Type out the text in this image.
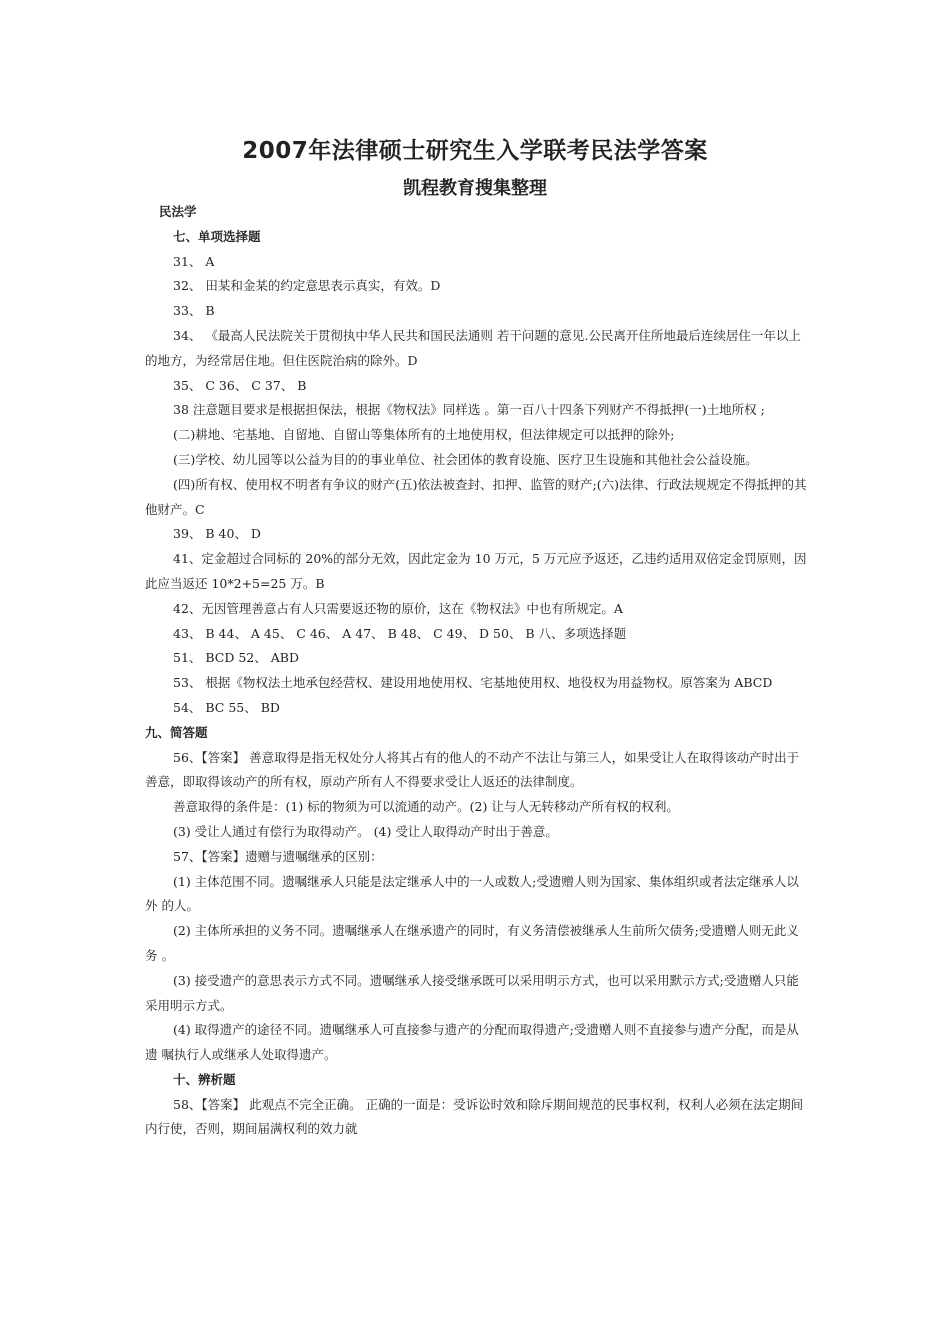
2007年法律硕士研究生入学联考民法学答案
凯程教育搜集整理

民法学

七、单项选择题

31、 A

32、 田某和金某的约定意思表示真实，有效。D

33、 B

34、 《最高人民法院关于贯彻执中华人民共和国民法通则 若干问题的意见.公民离开住所地最后连续居住一年以上的地方，为经常居住地。但住医院治病的除外。D

35、 C 36、 C 37、 B

38 注意题目要求是根据担保法，根据《物权法》同样选 。第一百八十四条下列财产不得抵押(一)土地所权 ;

(二)耕地、宅基地、自留地、自留山等集体所有的土地使用权，但法律规定可以抵押的除外;

(三)学校、幼儿园等以公益为目的的事业单位、社会团体的教育设施、医疗卫生设施和其他社会公益设施。

(四)所有权、使用权不明者有争议的财产(五)依法被查封、扣押、监管的财产;(六)法律、行政法规规定不得抵押的其他财产。C

39、 B 40、 D

41、定金超过合同标的 20%的部分无效，因此定金为 10 万元，5 万元应予返还，乙违约适用双倍定金罚原则，因此应当返还 10*2+5=25 万。B

42、无因管理善意占有人只需要返还物的原价，这在《物权法》中也有所规定。A

43、 B 44、 A 45、 C 46、 A 47、 B 48、 C 49、 D 50、 B 八、多项选择题

51、 BCD 52、 ABD

53、 根据《物权法土地承包经营权、建设用地使用权、宅基地使用权、地役权为用益物权。原答案为 ABCD

54、 BC 55、 BD

九、简答题

56、【答案】 善意取得是指无权处分人将其占有的他人的不动产不法让与第三人，如果受让人在取得该动产时出于善意，即取得该动产的所有权，原动产所有人不得要求受让人返还的法律制度。

善意取得的条件是：(1) 标的物须为可以流通的动产。(2) 让与人无转移动产所有权的权利。

(3) 受让人通过有偿行为取得动产。 (4) 受让人取得动产时出于善意。

57、【答案】遗赠与遗嘱继承的区别：

(1) 主体范围不同。遗嘱继承人只能是法定继承人中的一人或数人;受遗赠人则为国家、集体组织或者法定继承人以外 的人。

(2) 主体所承担的义务不同。遗嘱继承人在继承遗产的同时，有义务清偿被继承人生前所欠债务;受遗赠人则无此义务 。

(3) 接受遗产的意思表示方式不同。遗嘱继承人接受继承既可以采用明示方式，也可以采用默示方式;受遗赠人只能采用明示方式。

(4) 取得遗产的途径不同。遗嘱继承人可直接参与遗产的分配而取得遗产;受遗赠人则不直接参与遗产分配，而是从遗 嘱执行人或继承人处取得遗产。

十、辨析题

58、【答案】 此观点不完全正确。 正确的一面是：受诉讼时效和除斥期间规范的民事权利，权利人必须在法定期间内行使，否则，期间届满权利的效力就
